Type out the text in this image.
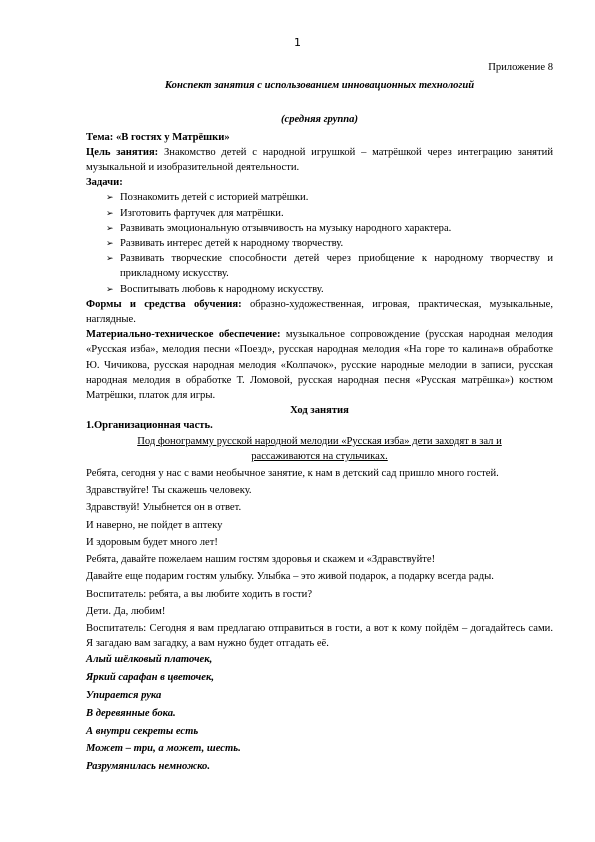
1

Приложение 8

Конспект занятия с использованием инновационных технологий

(средняя группа)

Тема: «В гостях у Матрёшки»

Цель занятия: Знакомство детей с народной игрушкой – матрёшкой через интеграцию занятий музыкальной и изобразительной деятельности.

Задачи:

➢ Познакомить детей с историей матрёшки.
➢ Изготовить фартучек для матрёшки.
➢ Развивать эмоциональную отзывчивость на музыку народного характера.
➢ Развивать интерес детей к народному творчеству.
➢ Развивать творческие способности детей через приобщение к народному творчеству и прикладному искусству.
➢ Воспитывать любовь к народному искусству.

Формы и средства обучения: образно-художественная, игровая, практическая, музыкальные, наглядные.

Материально-техническое обеспечение: музыкальное сопровождение (русская народная мелодия «Русская изба», мелодия песни «Поезд», русская народная мелодия «На горе то калина»в обработке Ю. Чичикова, русская народная мелодия «Колпачок», русские народные мелодии в записи, русская народная мелодия в обработке Т. Ломовой, русская народная песня «Русская матрёшка») костюм Матрёшки, платок для игры.

Ход занятия

1.Организационная часть.

Под фонограмму русской народной мелодии «Русская изба» дети заходят в зал и

рассаживаются на стульчиках.

Ребята, сегодня у нас с вами необычное занятие, к нам в детский сад пришло много гостей.

Здравствуйте! Ты скажешь человеку.

Здравствуй! Улыбнется он в ответ.

И наверно, не пойдет в аптеку

И здоровым будет много лет!

Ребята, давайте пожелаем нашим гостям здоровья и скажем и «Здравствуйте!

Давайте еще подарим гостям улыбку. Улыбка – это живой подарок, а подарку всегда рады.

Воспитатель: ребята, а вы любите ходить в гости?

Дети. Да, любим!

Воспитатель: Сегодня я вам предлагаю отправиться в гости, а вот к кому пойдём – догадайтесь сами. Я загадаю вам загадку, а вам нужно будет отгадать её.

Алый шёлковый платочек,

Яркий сарафан в цветочек,

Упирается рука

В деревянные бока.

А внутри секреты есть

Может – три, а может, шесть.

Разрумянилась немножко.
